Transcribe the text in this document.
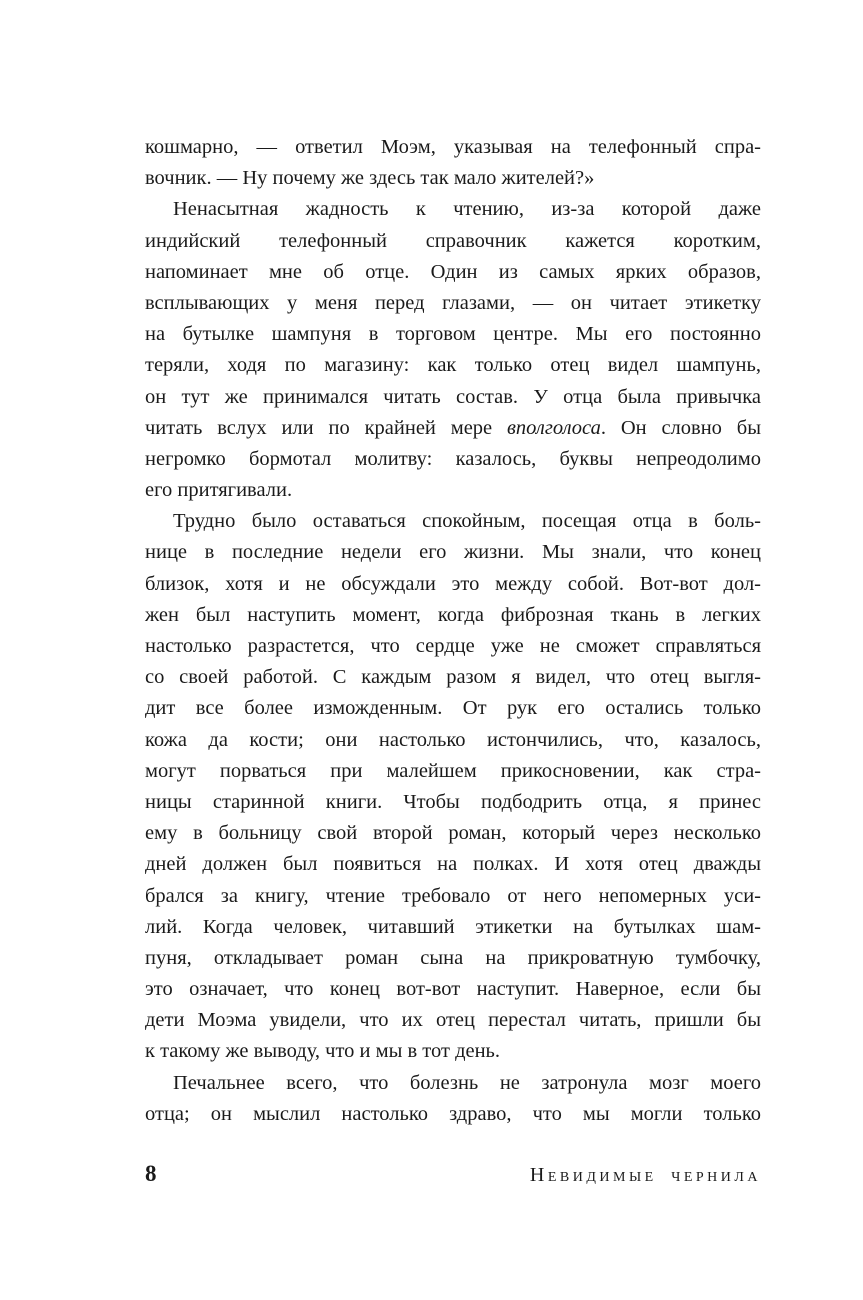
кошмарно, — ответил Моэм, указывая на телефонный спра-
вочник. — Ну почему же здесь так мало жителей?»
Ненасытная жадность к чтению, из-за которой даже
индийский телефонный справочник кажется коротким,
напоминает мне об отце. Один из самых ярких образов,
всплывающих у меня перед глазами, — он читает этикетку
на бутылке шампуня в торговом центре. Мы его постоянно
теряли, ходя по магазину: как только отец видел шампунь,
он тут же принимался читать состав. У отца была привычка
читать вслух или по крайней мере вполголоса. Он словно бы
негромко бормотал молитву: казалось, буквы непреодолимо
его притягивали.
Трудно было оставаться спокойным, посещая отца в боль-
нице в последние недели его жизни. Мы знали, что конец
близок, хотя и не обсуждали это между собой. Вот-вот дол-
жен был наступить момент, когда фиброзная ткань в легких
настолько разрастется, что сердце уже не сможет справляться
со своей работой. С каждым разом я видел, что отец выгля-
дит все более изможденным. От рук его остались только
кожа да кости; они настолько истончились, что, казалось,
могут порваться при малейшем прикосновении, как стра-
ницы старинной книги. Чтобы подбодрить отца, я принес
ему в больницу свой второй роман, который через несколько
дней должен был появиться на полках. И хотя отец дважды
брался за книгу, чтение требовало от него непомерных уси-
лий. Когда человек, читавший этикетки на бутылках шам-
пуня, откладывает роман сына на прикроватную тумбочку,
это означает, что конец вот-вот наступит. Наверное, если бы
дети Моэма увидели, что их отец перестал читать, пришли бы
к такому же выводу, что и мы в тот день.
Печальнее всего, что болезнь не затронула мозг моего
отца; он мыслил настолько здраво, что мы могли только
8	Невидимые чернила
